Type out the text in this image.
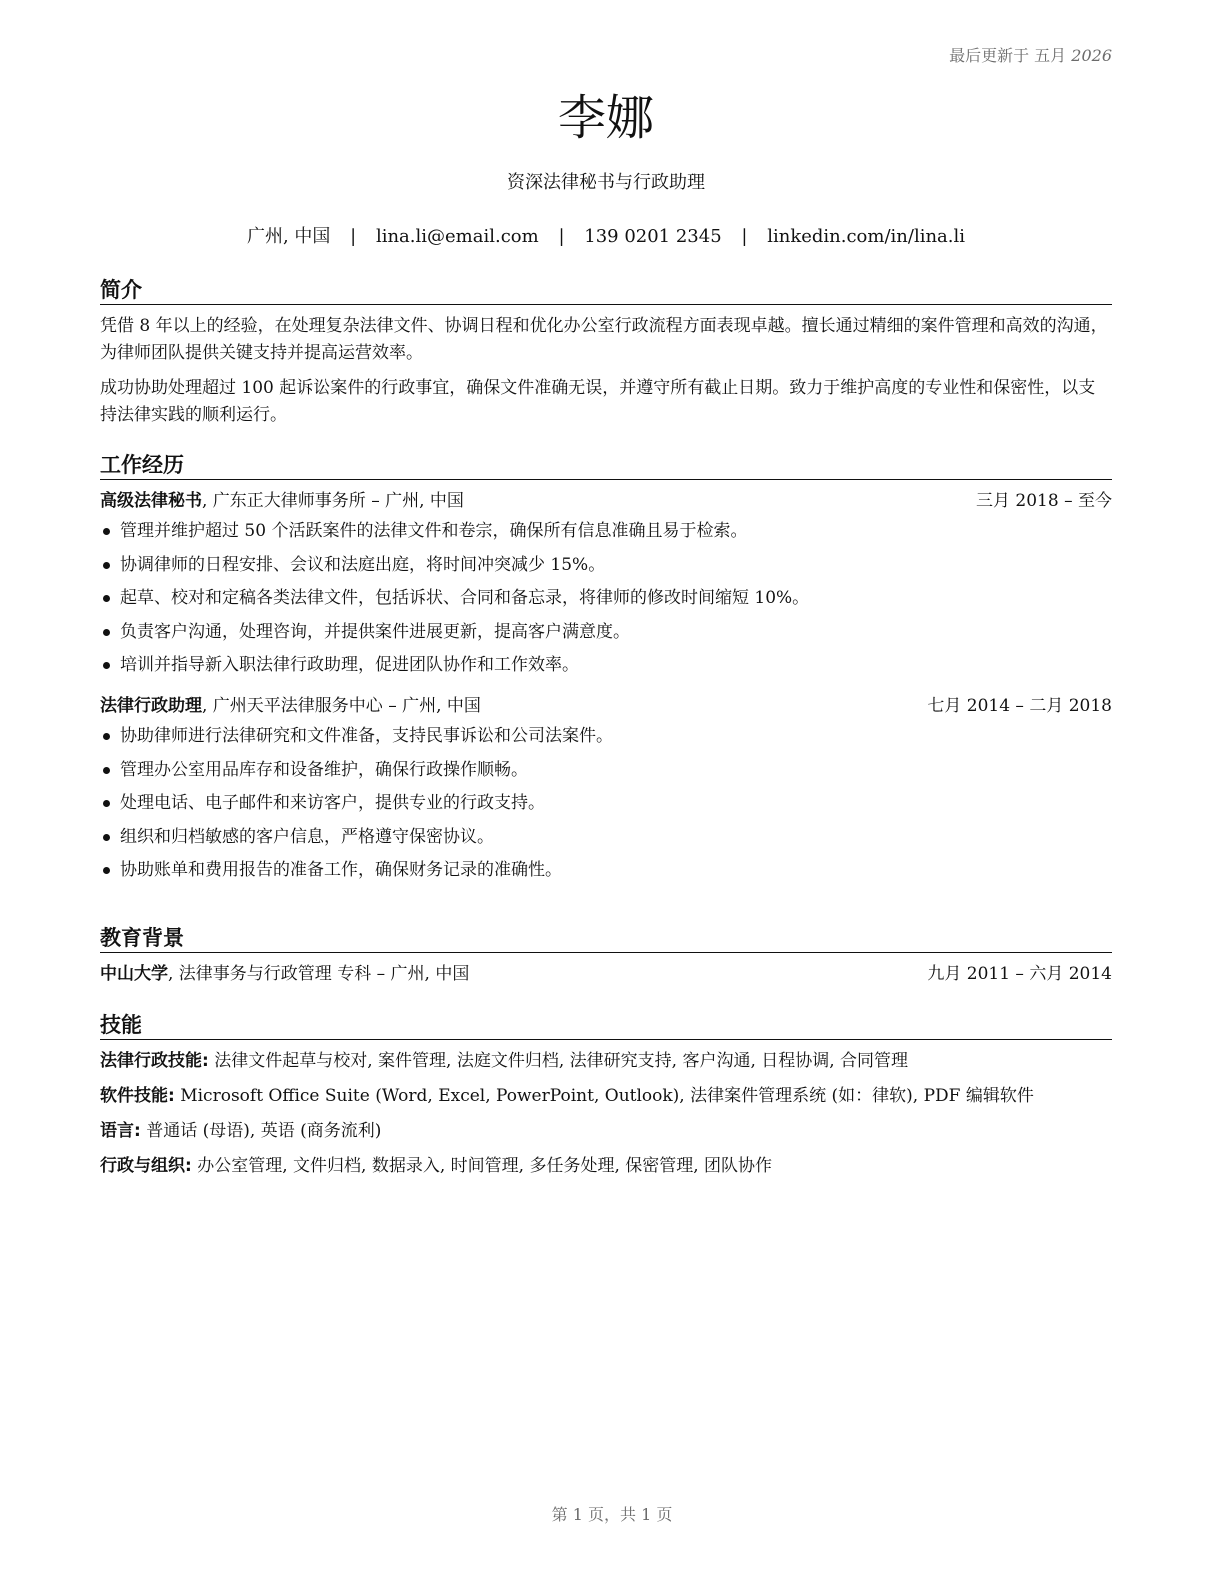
最后更新于 五月 2026
李娜
资深法律秘书与行政助理
广州, 中国 | lina.li@email.com | 139 0201 2345 | linkedin.com/in/lina.li
简介

凭借 8 年以上的经验，在处理复杂法律文件、协调日程和优化办公室行政流程方面表现卓越。擅长通过精细的案件管理和高效的沟通，为律师团队提供关键支持并提高运营效率。

成功协助处理超过 100 起诉讼案件的行政事宜，确保文件准确无误，并遵守所有截止日期。致力于维护高度的专业性和保密性，以支持法律实践的顺利运行。

工作经历
高级法律秘书, 广东正大律师事务所 – 广州, 中国	三月 2018 – 至今
管理并维护超过 50 个活跃案件的法律文件和卷宗，确保所有信息准确且易于检索。
协调律师的日程安排、会议和法庭出庭，将时间冲突减少 15%。
起草、校对和定稿各类法律文件，包括诉状、合同和备忘录，将律师的修改时间缩短 10%。
负责客户沟通，处理咨询，并提供案件进展更新，提高客户满意度。
培训并指导新入职法律行政助理，促进团队协作和工作效率。
法律行政助理, 广州天平法律服务中心 – 广州, 中国	七月 2014 – 二月 2018
协助律师进行法律研究和文件准备，支持民事诉讼和公司法案件。
管理办公室用品库存和设备维护，确保行政操作顺畅。
处理电话、电子邮件和来访客户，提供专业的行政支持。
组织和归档敏感的客户信息，严格遵守保密协议。
协助账单和费用报告的准备工作，确保财务记录的准确性。
教育背景
中山大学, 法律事务与行政管理 专科 – 广州, 中国	九月 2011 – 六月 2014
技能
法律行政技能: 法律文件起草与校对, 案件管理, 法庭文件归档, 法律研究支持, 客户沟通, 日程协调, 合同管理
软件技能: Microsoft Office Suite (Word, Excel, PowerPoint, Outlook), 法律案件管理系统 (如：律软), PDF 编辑软件
语言: 普通话 (母语), 英语 (商务流利)
行政与组织: 办公室管理, 文件归档, 数据录入, 时间管理, 多任务处理, 保密管理, 团队协作
第 1 页，共 1 页
